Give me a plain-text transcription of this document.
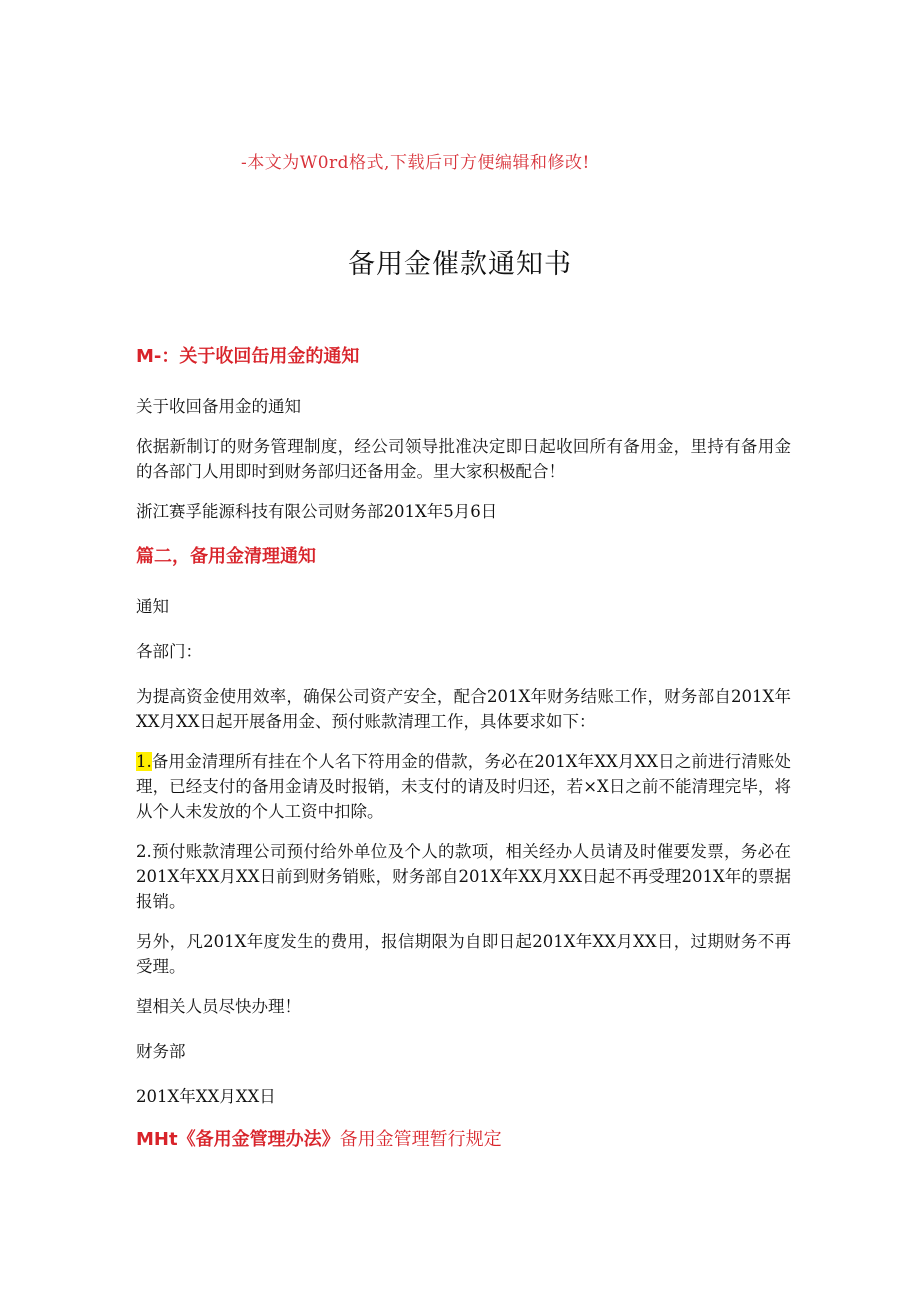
-本文为W0rd格式,下载后可方便编辑和修改!
备用金催款通知书
M-：关于收回缶用金的通知

关于收回备用金的通知

依据新制订的财务管理制度，经公司领导批准决定即日起收回所有备用金，里持有备用金的各部门人用即时到财务部归还备用金。里大家积极配合！

浙江赛孚能源科技有限公司财务部201X年5月6日

篇二，备用金清理通知

通知

各部门：

为提高资金使用效率，确保公司资产安全，配合201X年财务结账工作，财务部自201X年XX月XX日起开展备用金、预付账款清理工作，具体要求如下：

1.备用金清理所有挂在个人名下符用金的借款，务必在201X年XX月XX日之前进行清账处理，已经支付的备用金请及时报销，未支付的请及时归还，若×X日之前不能清理完毕，将从个人未发放的个人工资中扣除。

2.预付账款清理公司预付给外单位及个人的款项，相关经办人员请及时催要发票，务必在201X年XX月XX日前到财务销账，财务部自201X年XX月XX日起不再受理201X年的票据报销。

另外，凡201X年度发生的费用，报信期限为自即日起201X年XX月XX日，过期财务不再受理。

望相关人员尽快办理！

财务部

201X年XX月XX日

MHt《备用金管理办法》备用金管理暂行规定
